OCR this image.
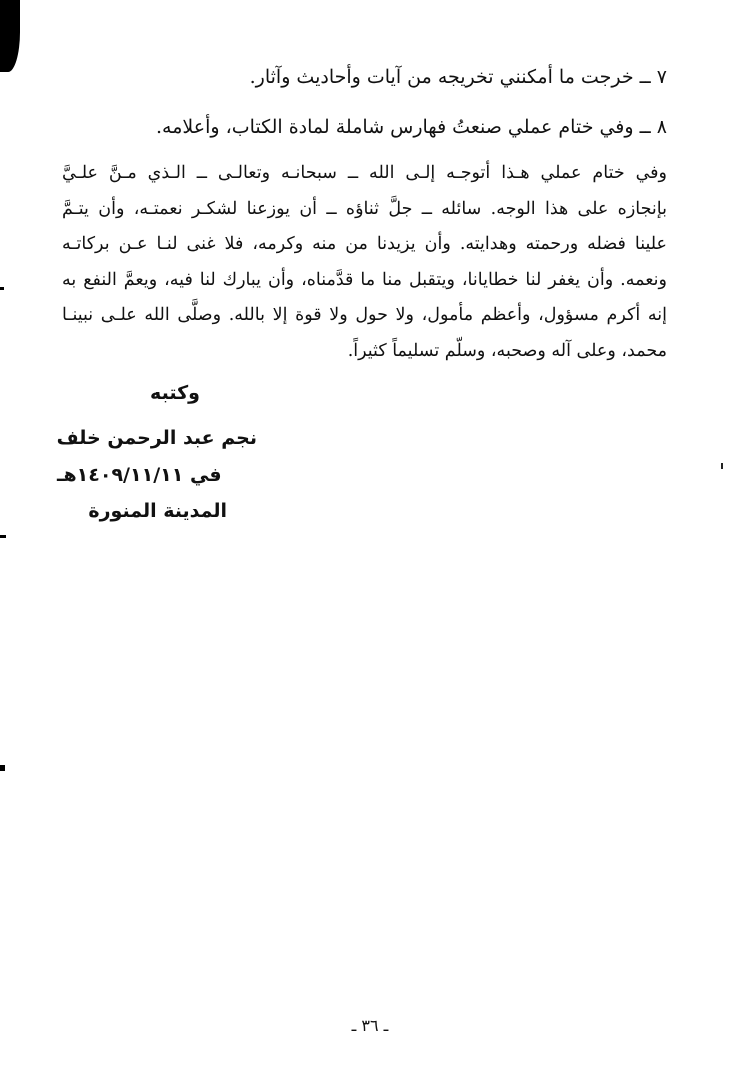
٧ ــ خرجت ما أمكنني تخريجه من آيات وأحاديث وآثار.
٨ ــ وفي ختام عملي صنعتُ فهارس شاملة لمادة الكتاب، وأعلامه.
وفي ختام عملي هـذا أتوجـه إلـى الله ــ سبحانـه وتعالـى ــ الـذي مـنَّ علـيَّ
بإنجازه على هذا الوجه. سائله ــ جلَّ ثناؤه ــ أن يوزعنا لشكـر نعمتـه، وأن يتـمَّ
علينا فضله ورحمته وهدايته. وأن يزيدنا من منه وكرمه، فلا غنى لنـا عـن بركاتـه
ونعمه. وأن يغفر لنا خطايانا، ويتقبل منا ما قدَّمناه، وأن يبارك لنا فيه، ويعمَّ النفع به
إنه أكرم مسؤول، وأعظم مأمول، ولا حول ولا قوة إلا بالله. وصلَّى الله علـى نبينـا
محمد، وعلى آله وصحبه، وسلّم تسليماً كثيراً.
وكتبه
نجم عبد الرحمن خلف
في ١٤٠٩/١١/١١هـ
المدينة المنورة
ـ ٣٦ ـ
